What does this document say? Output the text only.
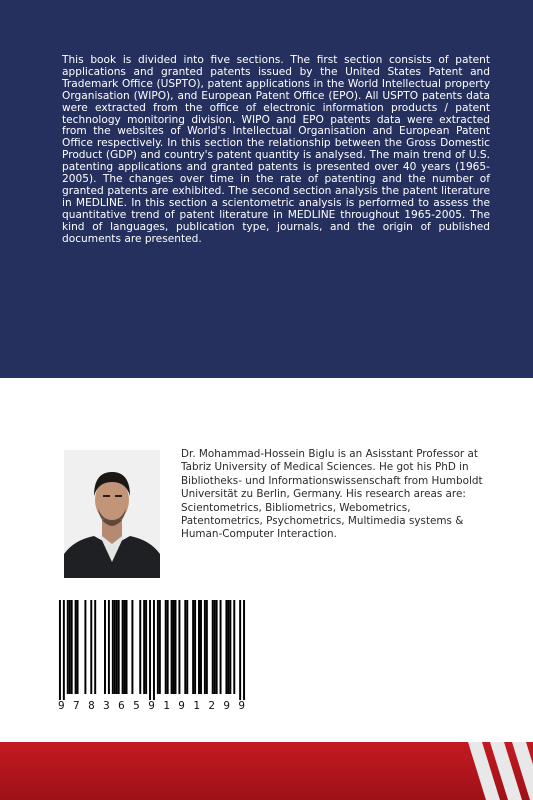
This book is divided into five sections. The first section consists of patent applications and granted patents issued by the United States Patent and Trademark Office (USPTO), patent applications in the World Intellectual property Organisation (WIPO), and European Patent Office (EPO). All USPTO patents data were extracted from the office of electronic information products / patent technology monitoring division. WIPO and EPO patents data were extracted from the websites of World's Intellectual Organisation and European Patent Office respectively. In this section the relationship between the Gross Domestic Product (GDP) and country's patent quantity is analysed. The main trend of U.S. patenting applications and granted patents is presented over 40 years (1965-2005). The changes over time in the rate of patenting and the number of granted patents are exhibited. The second section analysis the patent literature in MEDLINE. In this section a scientometric analysis is performed to assess the quantitative trend of patent literature in MEDLINE throughout 1965-2005. The kind of languages, publication type, journals, and the origin of published documents are presented.

Dr. Mohammad-Hossein Biglu is an Asisstant Professor at Tabriz University of Medical Sciences. He got his PhD in Bibliotheks- und Informationswissenschaft from Humboldt Universität zu Berlin, Germany. His research areas are: Scientometrics, Bibliometrics, Webometrics, Patentometrics, Psychometrics, Multimedia systems & Human-Computer Interaction.

9 7 8 3 6 5 9 1 9 1 2 9 9
